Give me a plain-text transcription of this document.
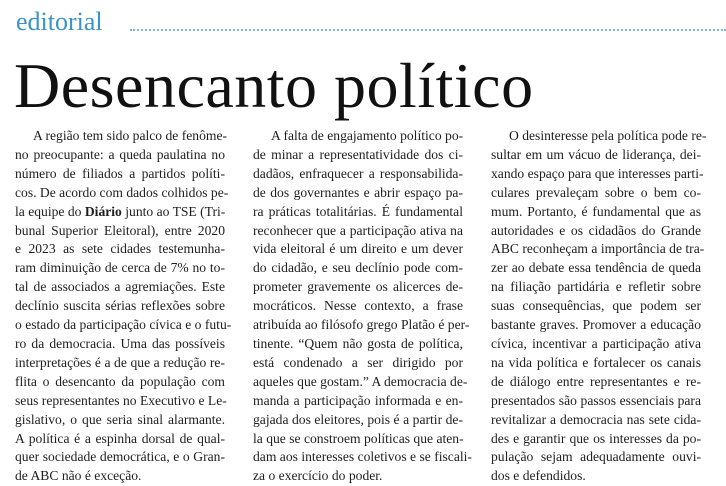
editorial
Desencanto político
A região tem sido palco de fenôme-
no preocupante: a queda paulatina no
número de filiados a partidos políti-
cos. De acordo com dados colhidos pe-
la equipe do Diário junto ao TSE (Tri-
bunal Superior Eleitoral), entre 2020
e 2023 as sete cidades testemunha-
ram diminuição de cerca de 7% no to-
tal de associados a agremiações. Este
declínio suscita sérias reflexões sobre
o estado da participação cívica e o futu-
ro da democracia. Uma das possíveis
interpretações é a de que a redução re-
flita o desencanto da população com
seus representantes no Executivo e Le-
gislativo, o que seria sinal alarmante.
A política é a espinha dorsal de qual-
quer sociedade democrática, e o Gran-
de ABC não é exceção.
A falta de engajamento político po-
de minar a representatividade dos ci-
dadãos, enfraquecer a responsabilida-
de dos governantes e abrir espaço pa-
ra práticas totalitárias. É fundamental
reconhecer que a participação ativa na
vida eleitoral é um direito e um dever
do cidadão, e seu declínio pode com-
prometer gravemente os alicerces de-
mocráticos. Nesse contexto, a frase
atribuída ao filósofo grego Platão é per-
tinente. “Quem não gosta de política,
está condenado a ser dirigido por
aqueles que gostam.” A democracia de-
manda a participação informada e en-
gajada dos eleitores, pois é a partir de-
la que se constroem políticas que aten-
dam aos interesses coletivos e se fiscali-
za o exercício do poder.
O desinteresse pela política pode re-
sultar em um vácuo de liderança, dei-
xando espaço para que interesses parti-
culares prevaleçam sobre o bem co-
mum. Portanto, é fundamental que as
autoridades e os cidadãos do Grande
ABC reconheçam a importância de tra-
zer ao debate essa tendência de queda
na filiação partidária e refletir sobre
suas consequências, que podem ser
bastante graves. Promover a educação
cívica, incentivar a participação ativa
na vida política e fortalecer os canais
de diálogo entre representantes e re-
presentados são passos essenciais para
revitalizar a democracia nas sete cida-
des e garantir que os interesses da po-
pulação sejam adequadamente ouvi-
dos e defendidos.
